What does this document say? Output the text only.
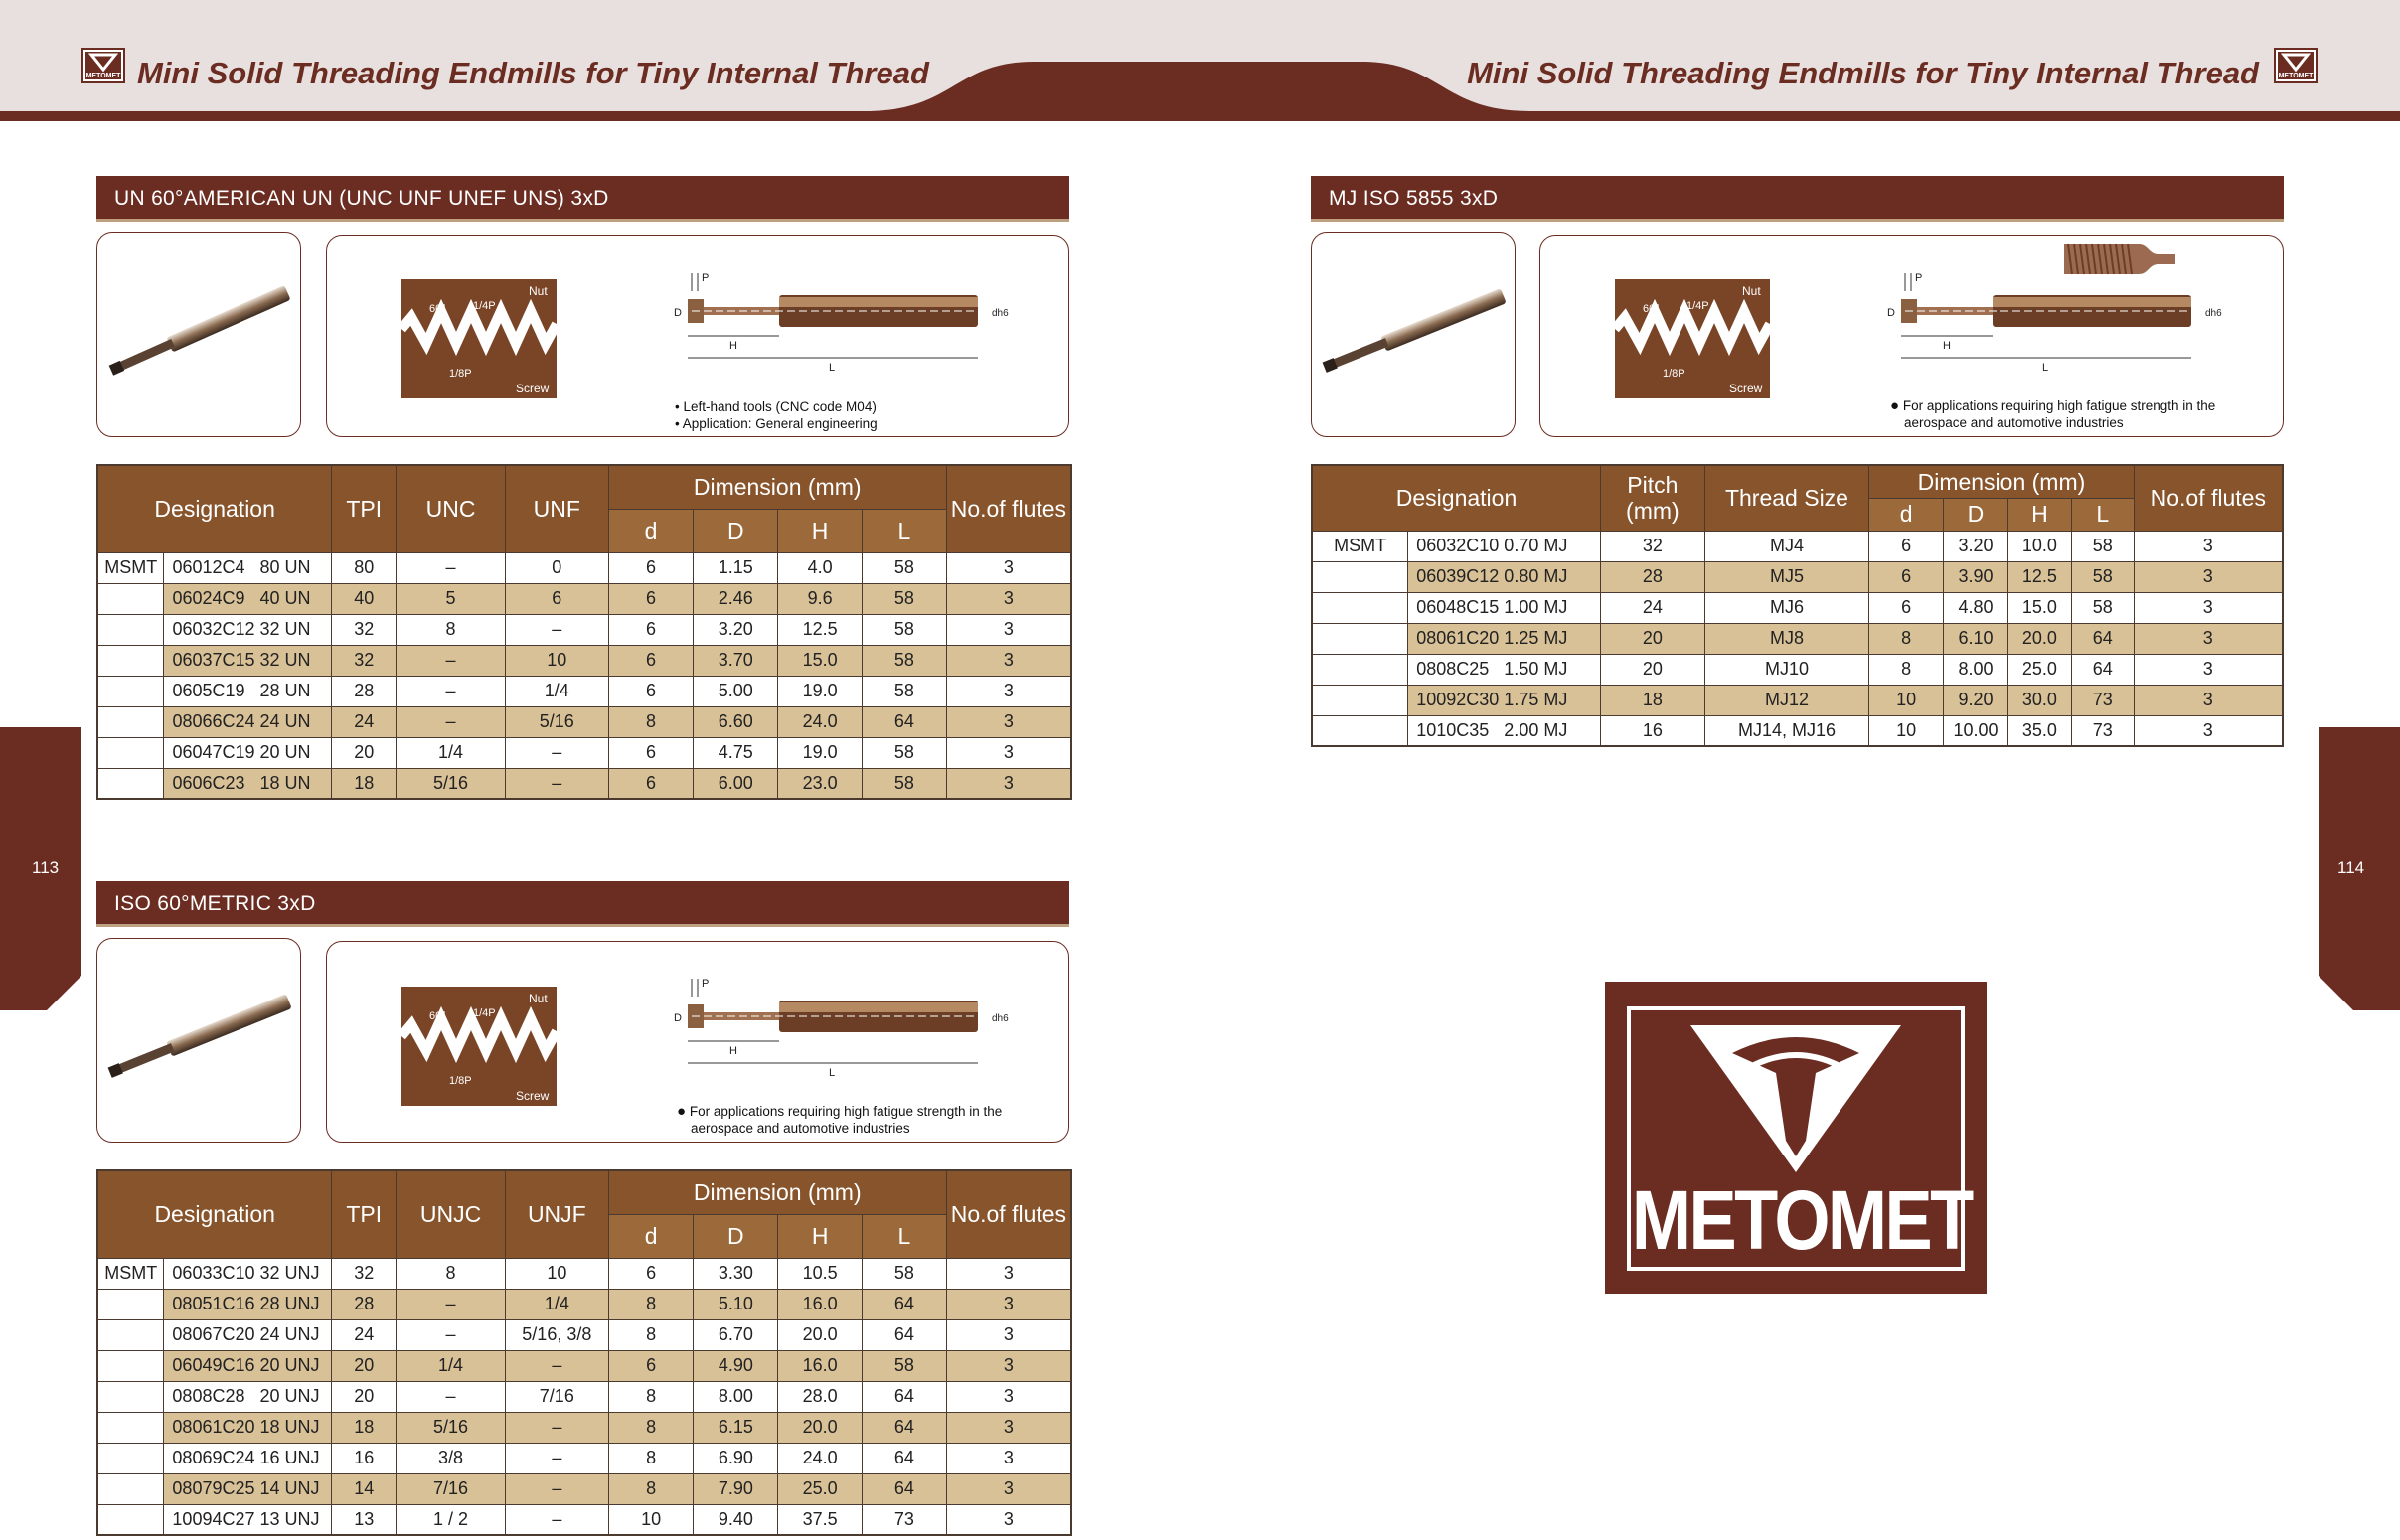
METOMET Mini Solid Threading Endmills for Tiny Internal Thread	Mini Solid Threading Endmills for Tiny Internal Thread	METOMET
113	114
UN 60°AMERICAN UN (UNC UNF UNEF UNS) 3xD
Nut
Screw
60° 1/4P
1/8P
P
D
H
L
dh6
• Left-hand tools (CNC code M04)
• Application: General engineering
Designation		TPI	UNC	UNF	Dimension (mm)				No.of flutes
					d	D	H	L	
MSMT	06012C4   80 UN	80	–	0	6	1.15	4.0	58	3
	06024C9   40 UN	40	5	6	6	2.46	9.6	58	3
	06032C12 32 UN	32	8	–	6	3.20	12.5	58	3
	06037C15 32 UN	32	–	10	6	3.70	15.0	58	3
	0605C19   28 UN	28	–	1/4	6	5.00	19.0	58	3
	08066C24 24 UN	24	–	5/16	8	6.60	24.0	64	3
	06047C19 20 UN	20	1/4	–	6	4.75	19.0	58	3
	0606C23   18 UN	18	5/16	–	6	6.00	23.0	58	3
ISO 60°METRIC 3xD
Nut
Screw
60° 1/4P
1/8P
P
D
H
L
dh6
● For applications requiring high fatigue strength in the
aerospace and automotive industries
Designation		TPI	UNJC	UNJF	Dimension (mm)				No.of flutes
					d	D	H	L	
MSMT	06033C10 32 UNJ	32	8	10	6	3.30	10.5	58	3
	08051C16 28 UNJ	28	–	1/4	8	5.10	16.0	64	3
	08067C20 24 UNJ	24	–	5/16, 3/8	8	6.70	20.0	64	3
	06049C16 20 UNJ	20	1/4	–	6	4.90	16.0	58	3
	0808C28   20 UNJ	20	–	7/16	8	8.00	28.0	64	3
	08061C20 18 UNJ	18	5/16	–	8	6.15	20.0	64	3
	08069C24 16 UNJ	16	3/8	–	8	6.90	24.0	64	3
	08079C25 14 UNJ	14	7/16	–	8	7.90	25.0	64	3
	10094C27 13 UNJ	13	1 / 2	–	10	9.40	37.5	73	3
MJ ISO 5855 3xD
Nut
Screw
60° 1/4P
1/8P
P
D
H
L
dh6
● For applications requiring high fatigue strength in the
aerospace and automotive industries
Designation		Pitch (mm)	Thread Size	Dimension (mm)				No.of flutes
				d	D	H	L	
MSMT	06032C10 0.70 MJ	32	MJ4	6	3.20	10.0	58	3
	06039C12 0.80 MJ	28	MJ5	6	3.90	12.5	58	3
	06048C15 1.00 MJ	24	MJ6	6	4.80	15.0	58	3
	08061C20 1.25 MJ	20	MJ8	8	6.10	20.0	64	3
	0808C25   1.50 MJ	20	MJ10	8	8.00	25.0	64	3
	10092C30 1.75 MJ	18	MJ12	10	9.20	30.0	73	3
	1010C35   2.00 MJ	16	MJ14, MJ16	10	10.00	35.0	73	3
METOMET
